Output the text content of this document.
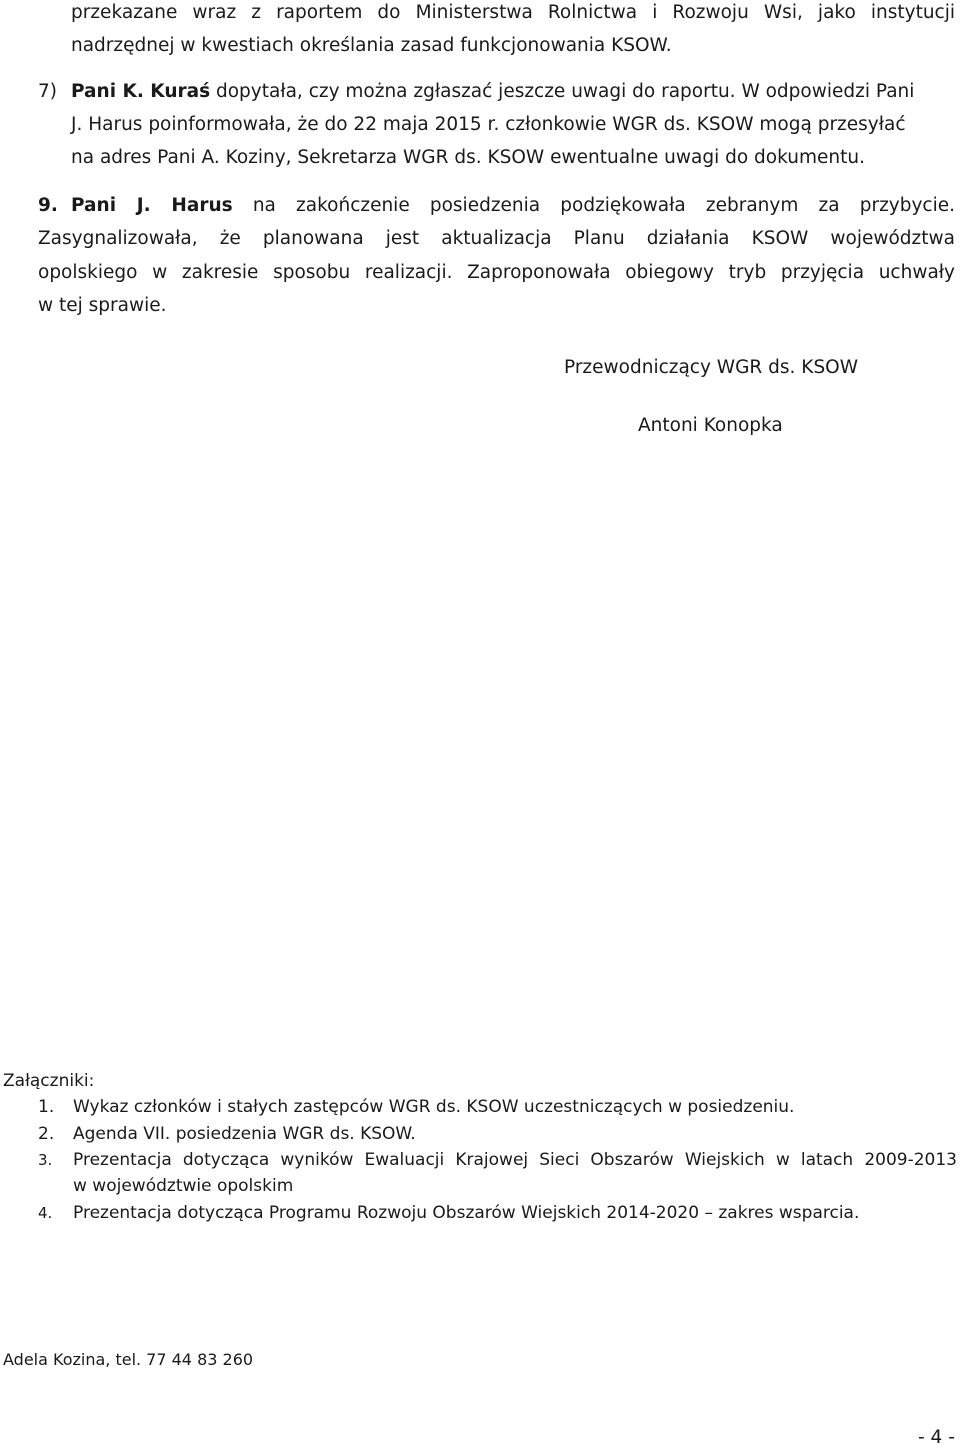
przekazane wraz z raportem do Ministerstwa Rolnictwa i Rozwoju Wsi, jako instytucji
nadrzędnej w kwestiach określania zasad funkcjonowania KSOW.
7) Pani K. Kuraś dopytała, czy można zgłaszać jeszcze uwagi do raportu. W odpowiedzi Pani
J. Harus poinformowała, że do 22 maja 2015 r. członkowie WGR ds. KSOW mogą przesyłać
na adres Pani A. Koziny, Sekretarza WGR ds. KSOW ewentualne uwagi do dokumentu.
9. Pani J. Harus na zakończenie posiedzenia podziękowała zebranym za przybycie.
Zasygnalizowała, że planowana jest aktualizacja Planu działania KSOW województwa
opolskiego w zakresie sposobu realizacji. Zaproponowała obiegowy tryb przyjęcia uchwały
w tej sprawie.
Przewodniczący WGR ds. KSOW
Antoni Konopka
Załączniki:
1. Wykaz członków i stałych zastępców WGR ds. KSOW uczestniczących w posiedzeniu.
2. Agenda VII. posiedzenia WGR ds. KSOW.
3. Prezentacja dotycząca wyników Ewaluacji Krajowej Sieci Obszarów Wiejskich w latach 2009-2013
w województwie opolskim
4. Prezentacja dotycząca Programu Rozwoju Obszarów Wiejskich 2014-2020 – zakres wsparcia.
Adela Kozina, tel. 77 44 83 260
- 4 -
